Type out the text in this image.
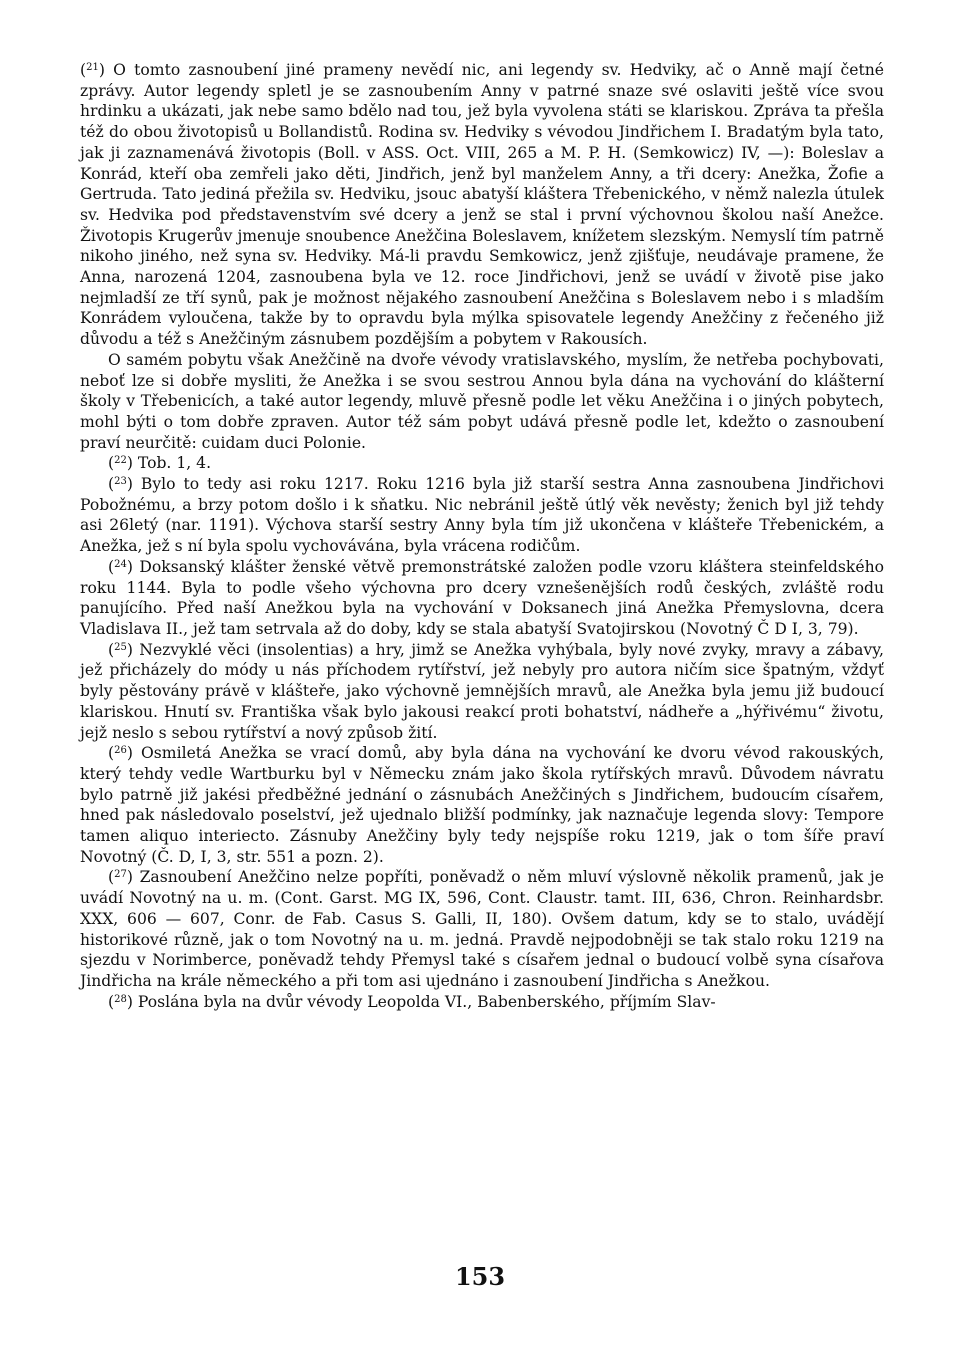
($^{21}$) O tomto zasnoubení jiné prameny nevědí nic, ani legendy sv. Hedviky, ač o Anně mají četné zprávy. Autor legendy spletl je se zasnoubením Anny v patrné snaze své oslaviti ještě více svou hrdinku a ukázati, jak nebe samo bdělo nad tou, jež byla vyvolena státi se klariskou. Zpráva ta přešla též do obou životopisů u Bollandistů. Rodina sv. Hedviky s vévodou Jindřichem I. Bradatým byla tato, jak ji zaznamenává životopis (Boll. v ASS. Oct. VIII, 265 a M. P. H. (Semkowicz) IV, —): Boleslav a Konrád, kteří oba zemřeli jako děti, Jindřich, jenž byl manželem Anny, a tři dcery: Anežka, Žofie a Gertruda. Tato jediná přežila sv. Hedviku, jsouc abatyší kláštera Třebenického, v němž nalezla útulek sv. Hedvika pod představenstvím své dcery a jenž se stal i první výchovnou školou naší Anežce. Životopis Krugerův jmenuje snoubence Anežčina Boleslavem, knížetem slezským. Nemyslí tím patrně nikoho jiného, než syna sv. Hedviky. Má-li pravdu Semkowicz, jenž zjišťuje, neudávaje pramene, že Anna, narozená 1204, zasnoubena byla ve 12. roce Jindřichovi, jenž se uvádí v životě pise jako nejmladší ze tří synů, pak je možnost nějakého zasnoubení Anežčina s Boleslavem nebo i s mladším Konrádem vyloučena, takže by to opravdu byla mýlka spisovatele legendy Anežčiny z řečeného již důvodu a též s Anežčiným zásnubem pozdějším a pobytem v Rakousích.

O samém pobytu však Anežčině na dvoře vévody vratislavského, myslím, že netřeba pochybovati, neboť lze si dobře mysliti, že Anežka i se svou sestrou Annou byla dána na vychování do klášterní školy v Třebenicích, a také autor legendy, mluvě přesně podle let věku Anežčina i o jiných pobytech, mohl býti o tom dobře zpraven. Autor též sám pobyt udává přesně podle let, kdežto o zasnoubení praví neurčitě: cuidam duci Polonie.

($^{22}$) Tob. 1, 4.

($^{23}$) Bylo to tedy asi roku 1217. Roku 1216 byla již starší sestra Anna zasnoubena Jindřichovi Pobožnému, a brzy potom došlo i k sňatku. Nic nebránil ještě útlý věk nevěsty; ženich byl již tehdy asi 26letý (nar. 1191). Výchova starší sestry Anny byla tím již ukončena v klášteře Třebenickém, a Anežka, jež s ní byla spolu vychovávána, byla vrácena rodičům.

($^{24}$) Doksanský klášter ženské větvě premonstrátské založen podle vzoru kláštera steinfeldského roku 1144. Byla to podle všeho výchovna pro dcery vznešenějších rodů českých, zvláště rodu panujícího. Před naší Anežkou byla na vychování v Doksanech jiná Anežka Přemyslovna, dcera Vladislava II., jež tam setrvala až do doby, kdy se stala abatyší Svatojirskou (Novotný Č D I, 3, 79).

($^{25}$) Nezvyklé věci (insolentias) a hry, jimž se Anežka vyhýbala, byly nové zvyky, mravy a zábavy, jež přicházely do módy u nás příchodem rytířství, jež nebyly pro autora ničím sice špatným, vždyť byly pěstovány právě v klášteře, jako výchovně jemnějších mravů, ale Anežka byla jemu již budoucí klariskou. Hnutí sv. Františka však bylo jakousi reakcí proti bohatství, nádheře a „hýřivému“ životu, jejž neslo s sebou rytířství a nový způsob žití.

($^{26}$) Osmiletá Anežka se vrací domů, aby byla dána na vychování ke dvoru vévod rakouských, který tehdy vedle Wartburku byl v Německu znám jako škola rytířských mravů. Důvodem návratu bylo patrně již jakési předběžné jednání o zásnubách Anežčiných s Jindřichem, budoucím císařem, hned pak následovalo poselství, jež ujednalo bližší podmínky, jak naznačuje legenda slovy: Tempore tamen aliquo interiecto. Zásnuby Anežčiny byly tedy nejspíše roku 1219, jak o tom šíře praví Novotný (Č. D, I, 3, str. 551 a pozn. 2).

($^{27}$) Zasnoubení Anežčino nelze popříti, poněvadž o něm mluví výslovně několik pramenů, jak je uvádí Novotný na u. m. (Cont. Garst. MG IX, 596, Cont. Claustr. tamt. III, 636, Chron. Reinhardsbr. XXX, 606 — 607, Conr. de Fab. Casus S. Galli, II, 180). Ovšem datum, kdy se to stalo, uvádějí historikové různě, jak o tom Novotný na u. m. jedná. Pravdě nejpodobněji se tak stalo roku 1219 na sjezdu v Norimberce, poněvadž tehdy Přemysl také s císařem jednal o budoucí volbě syna císařova Jindřicha na krále německého a při tom asi ujednáno i zasnoubení Jindřicha s Anežkou.

($^{28}$) Poslána byla na dvůr vévody Leopolda VI., Babenberského, příjmím Slav-

153
